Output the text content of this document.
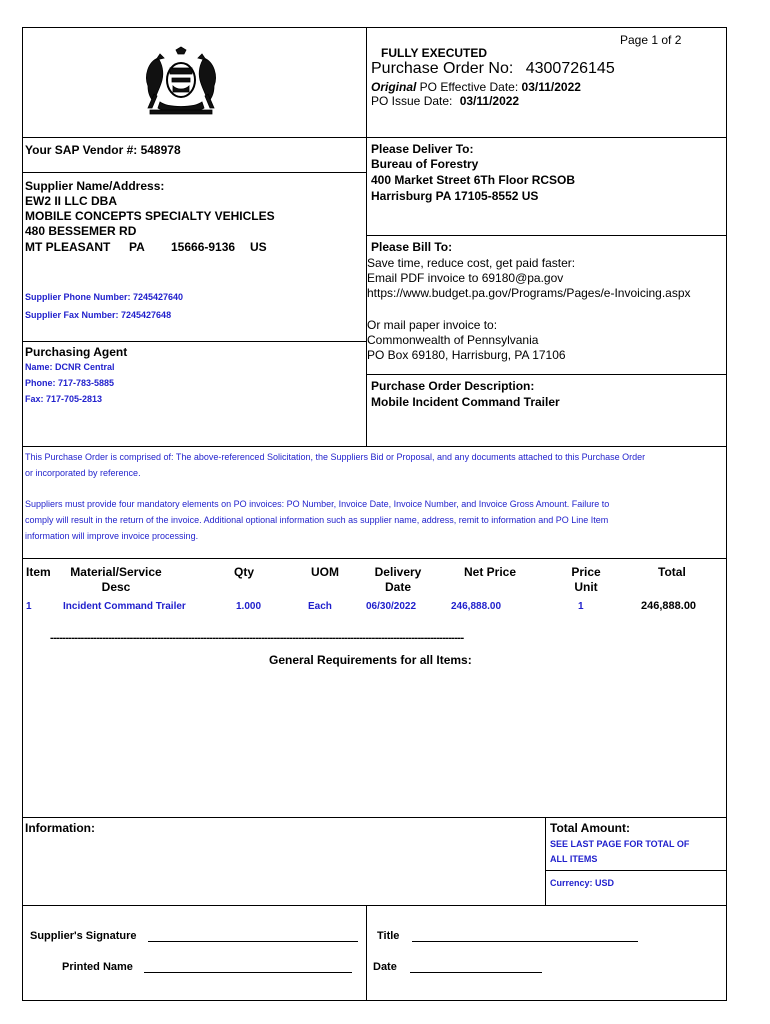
Page 1 of 2
FULLY EXECUTED
Purchase Order No: 4300726145
Original PO Effective Date: 03/11/2022
PO Issue Date: 03/11/2022
Your SAP Vendor #: 548978
Supplier Name/Address:
EW2 II LLC DBA
MOBILE CONCEPTS SPECIALTY VEHICLES
480 BESSEMER RD
MT PLEASANT PA 15666-9136 US
Supplier Phone Number: 7245427640
Supplier Fax Number: 7245427648
Purchasing Agent
Name: DCNR Central
Phone: 717-783-5885
Fax: 717-705-2813
Please Deliver To:
Bureau of Forestry
400 Market Street 6Th Floor RCSOB
Harrisburg PA 17105-8552 US
Please Bill To:
Save time, reduce cost, get paid faster:
Email PDF invoice to 69180@pa.gov
https://www.budget.pa.gov/Programs/Pages/e-Invoicing.aspx
Or mail paper invoice to:
Commonwealth of Pennsylvania
PO Box 69180, Harrisburg, PA 17106
Purchase Order Description:
Mobile Incident Command Trailer
This Purchase Order is comprised of: The above-referenced Solicitation, the Suppliers Bid or Proposal, and any documents attached to this Purchase Order
or incorporated by reference.
Suppliers must provide four mandatory elements on PO invoices: PO Number, Invoice Date, Invoice Number, and Invoice Gross Amount. Failure to
comply will result in the return of the invoice. Additional optional information such as supplier name, address, remit to information and PO Line Item
information will improve invoice processing.
Item Material/Service
Desc
Qty	UOM	Delivery
Date
Net Price	Price
Unit
Total
1	Incident Command Trailer	1.000	Each	06/30/2022	246,888.00	1	246,888.00
---------------------------------------------------------------------------------------------------------------------------------------
General Requirements for all Items:
Information:	Total Amount:
SEE LAST PAGE FOR TOTAL OF
ALL ITEMS
Currency: USD
Supplier's Signature
Printed Name
Title
Date
